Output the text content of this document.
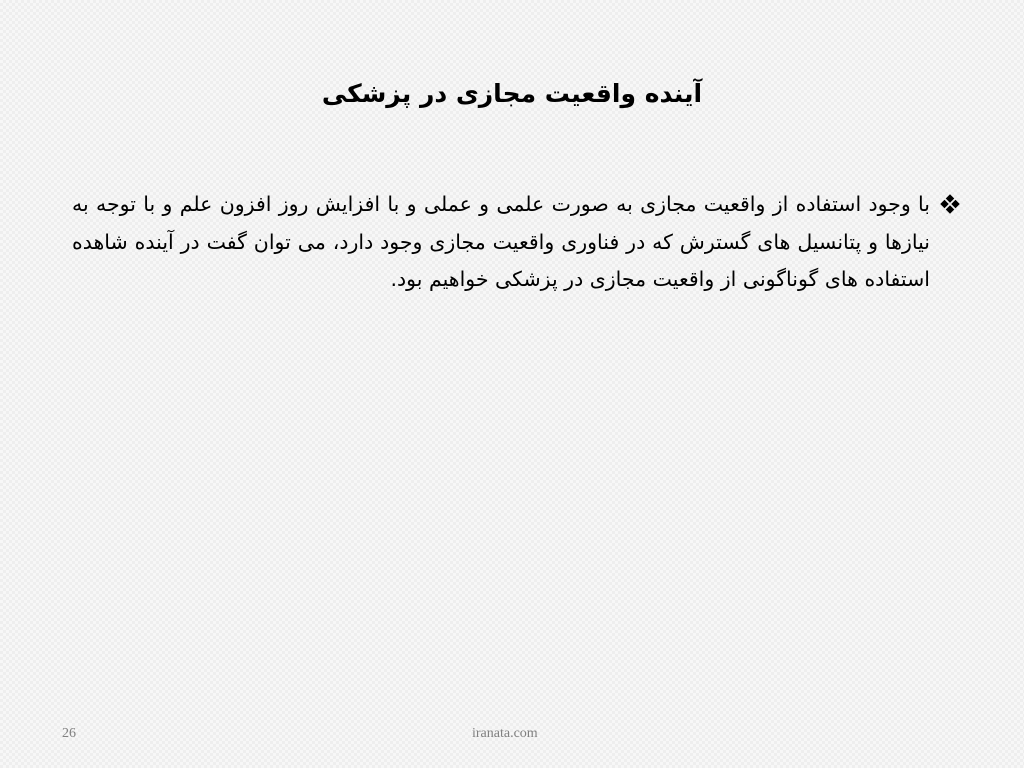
آینده واقعیت مجازی در پزشکی

با وجود استفاده از واقعیت مجازی به صورت علمی و عملی و با افزایش روز افزون علم و با توجه به نیازها و پتانسیل های گسترش که در فناوری واقعیت مجازی وجود دارد، می توان گفت در آینده شاهده استفاده های گوناگونی از واقعیت مجازی در پزشکی خواهیم بود.

26	iranata.com
